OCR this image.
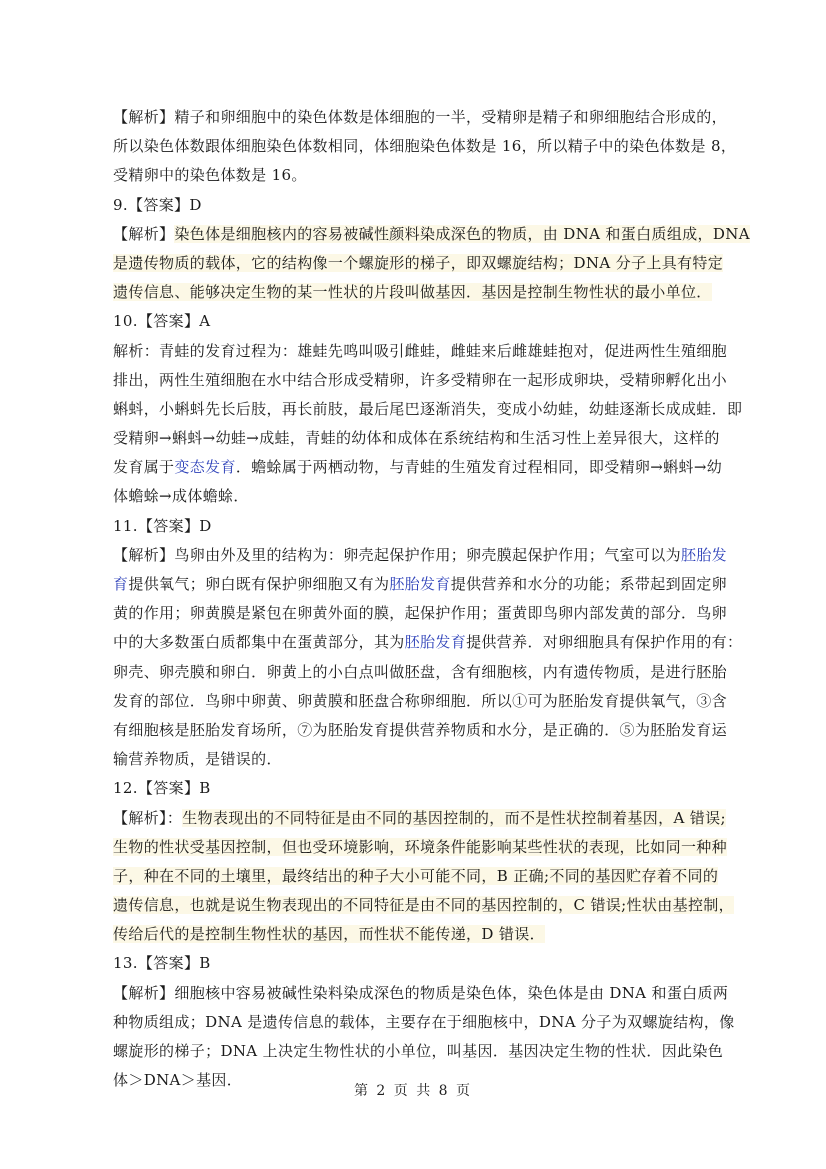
【解析】精子和卵细胞中的染色体数是体细胞的一半，受精卵是精子和卵细胞结合形成的，
所以染色体数跟体细胞染色体数相同，体细胞染色体数是 16，所以精子中的染色体数是 8，
受精卵中的染色体数是 16。
9.【答案】D
【解析】染色体是细胞核内的容易被碱性颜料染成深色的物质，由 DNA 和蛋白质组成，DNA
是遗传物质的载体，它的结构像一个螺旋形的梯子，即双螺旋结构；DNA 分子上具有特定
遗传信息、能够决定生物的某一性状的片段叫做基因．基因是控制生物性状的最小单位．
10.【答案】A
解析：青蛙的发育过程为：雄蛙先鸣叫吸引雌蛙，雌蛙来后雌雄蛙抱对，促进两性生殖细胞
排出，两性生殖细胞在水中结合形成受精卵，许多受精卵在一起形成卵块，受精卵孵化出小
蝌蚪，小蝌蚪先长后肢，再长前肢，最后尾巴逐渐消失，变成小幼蛙，幼蛙逐渐长成成蛙．即
受精卵→蝌蚪→幼蛙→成蛙，青蛙的幼体和成体在系统结构和生活习性上差异很大，这样的
发育属于变态发育．蟾蜍属于两栖动物，与青蛙的生殖发育过程相同，即受精卵→蝌蚪→幼
体蟾蜍→成体蟾蜍．
11.【答案】D
【解析】鸟卵由外及里的结构为：卵壳起保护作用；卵壳膜起保护作用；气室可以为胚胎发
育提供氧气；卵白既有保护卵细胞又有为胚胎发育提供营养和水分的功能；系带起到固定卵
黄的作用；卵黄膜是紧包在卵黄外面的膜，起保护作用；蛋黄即鸟卵内部发黄的部分．鸟卵
中的大多数蛋白质都集中在蛋黄部分，其为胚胎发育提供营养．对卵细胞具有保护作用的有：
卵壳、卵壳膜和卵白．卵黄上的小白点叫做胚盘，含有细胞核，内有遗传物质，是进行胚胎
发育的部位．鸟卵中卵黄、卵黄膜和胚盘合称卵细胞．所以①可为胚胎发育提供氧气，③含
有细胞核是胚胎发育场所，⑦为胚胎发育提供营养物质和水分，是正确的．⑤为胚胎发育运
输营养物质，是错误的．
12.【答案】B
【解析】：生物表现出的不同特征是由不同的基因控制的，而不是性状控制着基因，A 错误;
生物的性状受基因控制，但也受环境影响，环境条件能影响某些性状的表现，比如同一种种
子，种在不同的土壤里，最终结出的种子大小可能不同，B 正确;不同的基因贮存着不同的
遗传信息，也就是说生物表现出的不同特征是由不同的基因控制的，C 错误;性状由基控制，
传给后代的是控制生物性状的基因，而性状不能传递，D 错误．
13.【答案】B
【解析】细胞核中容易被碱性染料染成深色的物质是染色体，染色体是由 DNA 和蛋白质两
种物质组成；DNA 是遗传信息的载体，主要存在于细胞核中，DNA 分子为双螺旋结构，像
螺旋形的梯子；DNA 上决定生物性状的小单位，叫基因．基因决定生物的性状．因此染色
体＞DNA＞基因．
第 2 页 共 8 页
